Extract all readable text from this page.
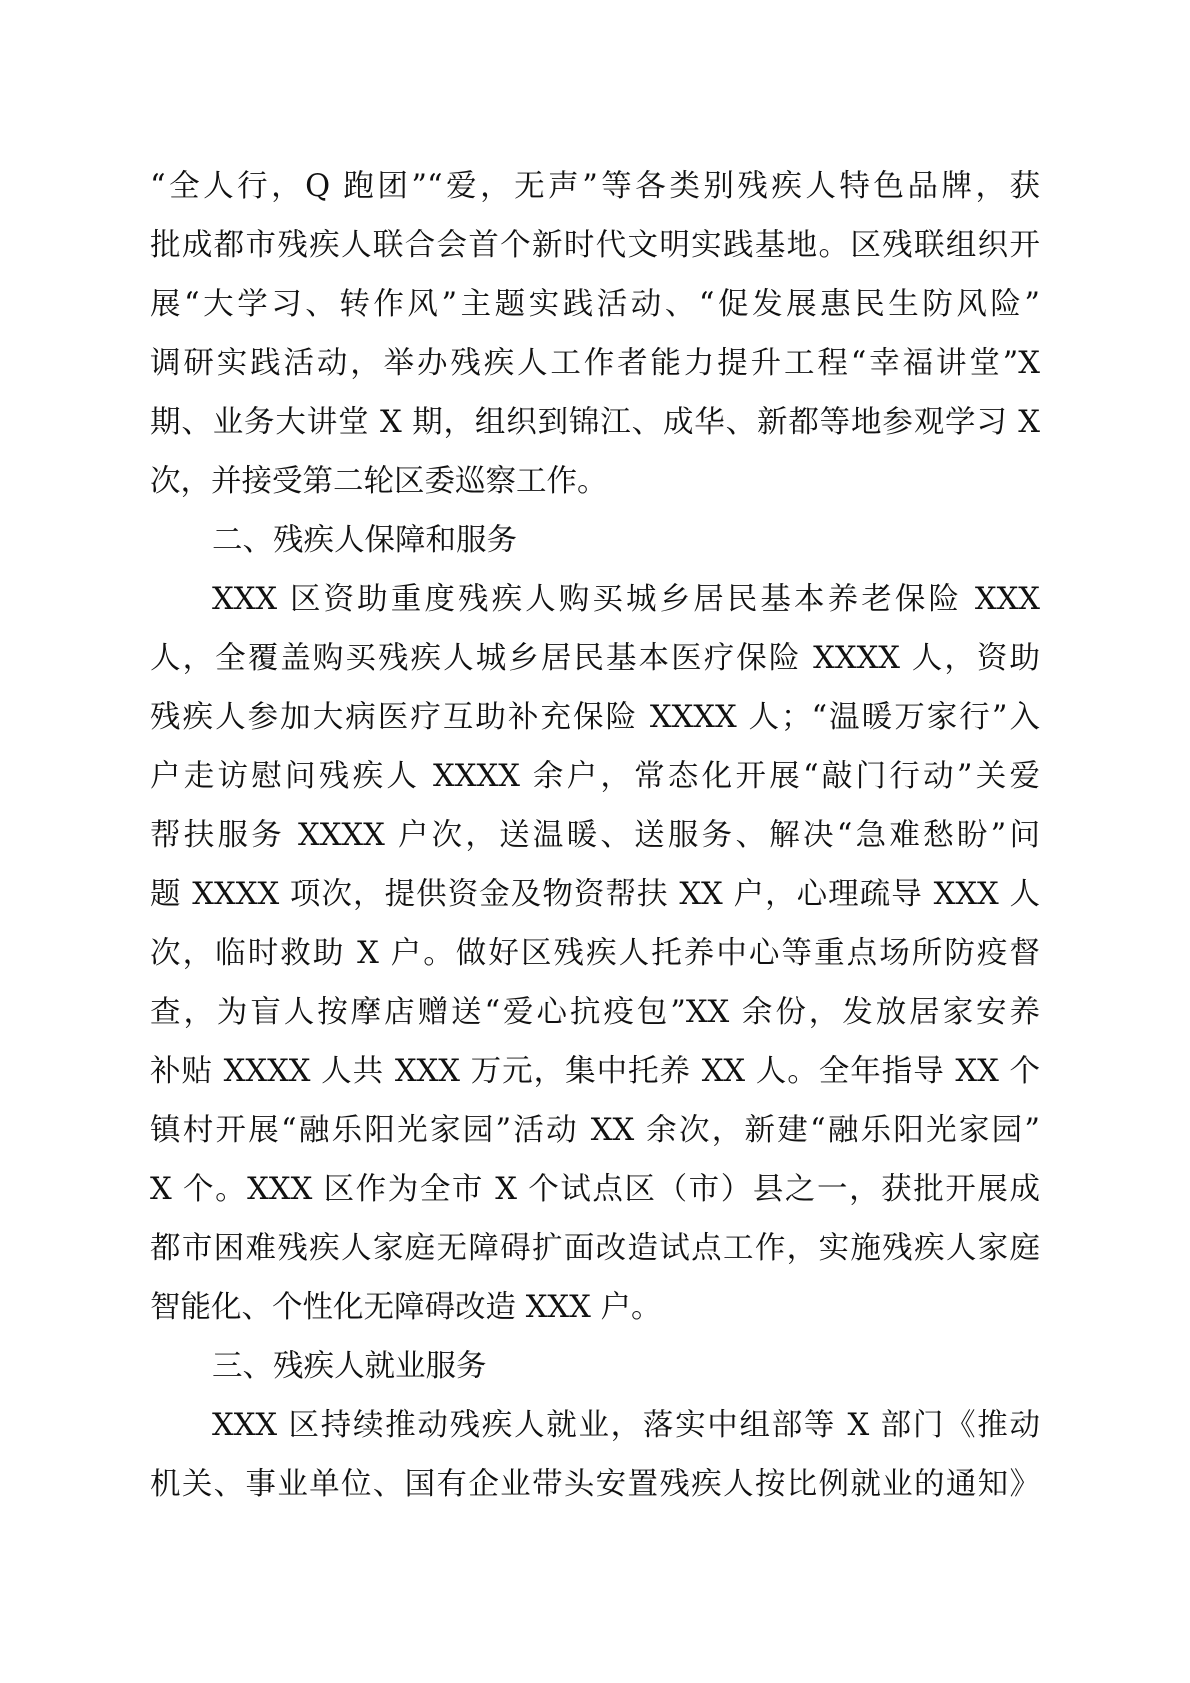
“全人行，Q 跑团”“爱，无声”等各类别残疾人特色品牌，获
批成都市残疾人联合会首个新时代文明实践基地。区残联组织开
展“大学习、转作风”主题实践活动、“促发展惠民生防风险”
调研实践活动，举办残疾人工作者能力提升工程“幸福讲堂”X
期、业务大讲堂 X 期，组织到锦江、成华、新都等地参观学习 X
次，并接受第二轮区委巡察工作。
二、残疾人保障和服务
XXX 区资助重度残疾人购买城乡居民基本养老保险 XXX
人，全覆盖购买残疾人城乡居民基本医疗保险 XXXX 人，资助
残疾人参加大病医疗互助补充保险 XXXX 人；“温暖万家行”入
户走访慰问残疾人 XXXX 余户，常态化开展“敲门行动”关爱
帮扶服务 XXXX 户次，送温暖、送服务、解决“急难愁盼”问
题 XXXX 项次，提供资金及物资帮扶 XX 户，心理疏导 XXX 人
次，临时救助 X 户。做好区残疾人托养中心等重点场所防疫督
查，为盲人按摩店赠送“爱心抗疫包”XX 余份，发放居家安养
补贴 XXXX 人共 XXX 万元，集中托养 XX 人。全年指导 XX 个
镇村开展“融乐阳光家园”活动 XX 余次，新建“融乐阳光家园”
X 个。XXX 区作为全市 X 个试点区（市）县之一，获批开展成
都市困难残疾人家庭无障碍扩面改造试点工作，实施残疾人家庭
智能化、个性化无障碍改造 XXX 户。
三、残疾人就业服务
XXX 区持续推动残疾人就业，落实中组部等 X 部门《推动
机关、事业单位、国有企业带头安置残疾人按比例就业的通知》
